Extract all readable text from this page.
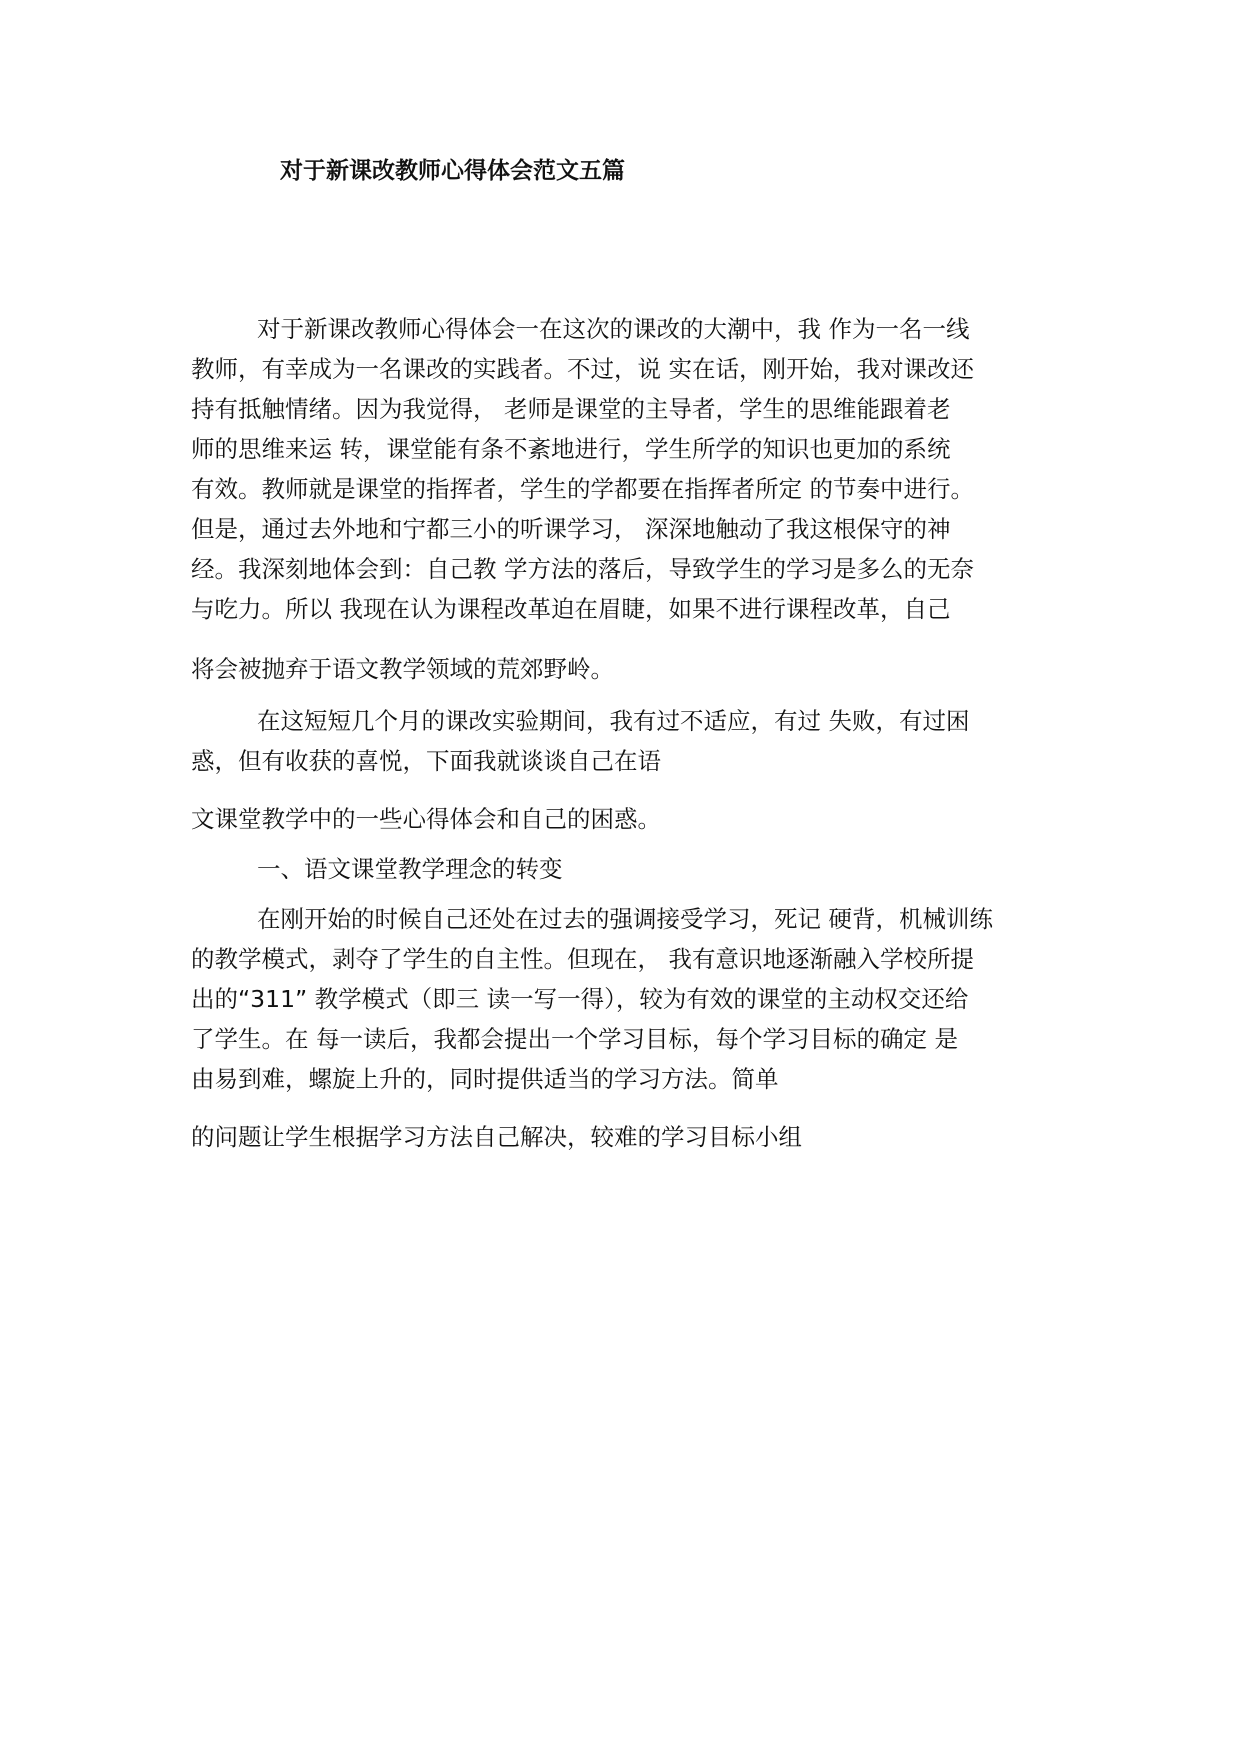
对于新课改教师心得体会范文五篇
对于新课改教师心得体会一在这次的课改的大潮中，我 作为一名一线
教师，有幸成为一名课改的实践者。不过，说 实在话，刚开始，我对课改还
持有抵触情绪。因为我觉得， 老师是课堂的主导者，学生的思维能跟着老
师的思维来运 转，课堂能有条不紊地进行，学生所学的知识也更加的系统
有效。教师就是课堂的指挥者，学生的学都要在指挥者所定 的节奏中进行。
但是，通过去外地和宁都三小的听课学习， 深深地触动了我这根保守的神
经。我深刻地体会到：自己教 学方法的落后，导致学生的学习是多么的无奈
与吃力。所以 我现在认为课程改革迫在眉睫，如果不进行课程改革，自己
将会被抛弃于语文教学领域的荒郊野岭。
在这短短几个月的课改实验期间，我有过不适应，有过 失败，有过困
惑，但有收获的喜悦，下面我就谈谈自己在语
文课堂教学中的一些心得体会和自己的困惑。
一、语文课堂教学理念的转变
在刚开始的时候自己还处在过去的强调接受学习，死记 硬背，机械训练
的教学模式，剥夺了学生的自主性。但现在， 我有意识地逐渐融入学校所提
出的“311” 教学模式（即三 读一写一得），较为有效的课堂的主动权交还给
了学生。在 每一读后，我都会提出一个学习目标，每个学习目标的确定 是
由易到难，螺旋上升的，同时提供适当的学习方法。简单
的问题让学生根据学习方法自己解决，较难的学习目标小组
